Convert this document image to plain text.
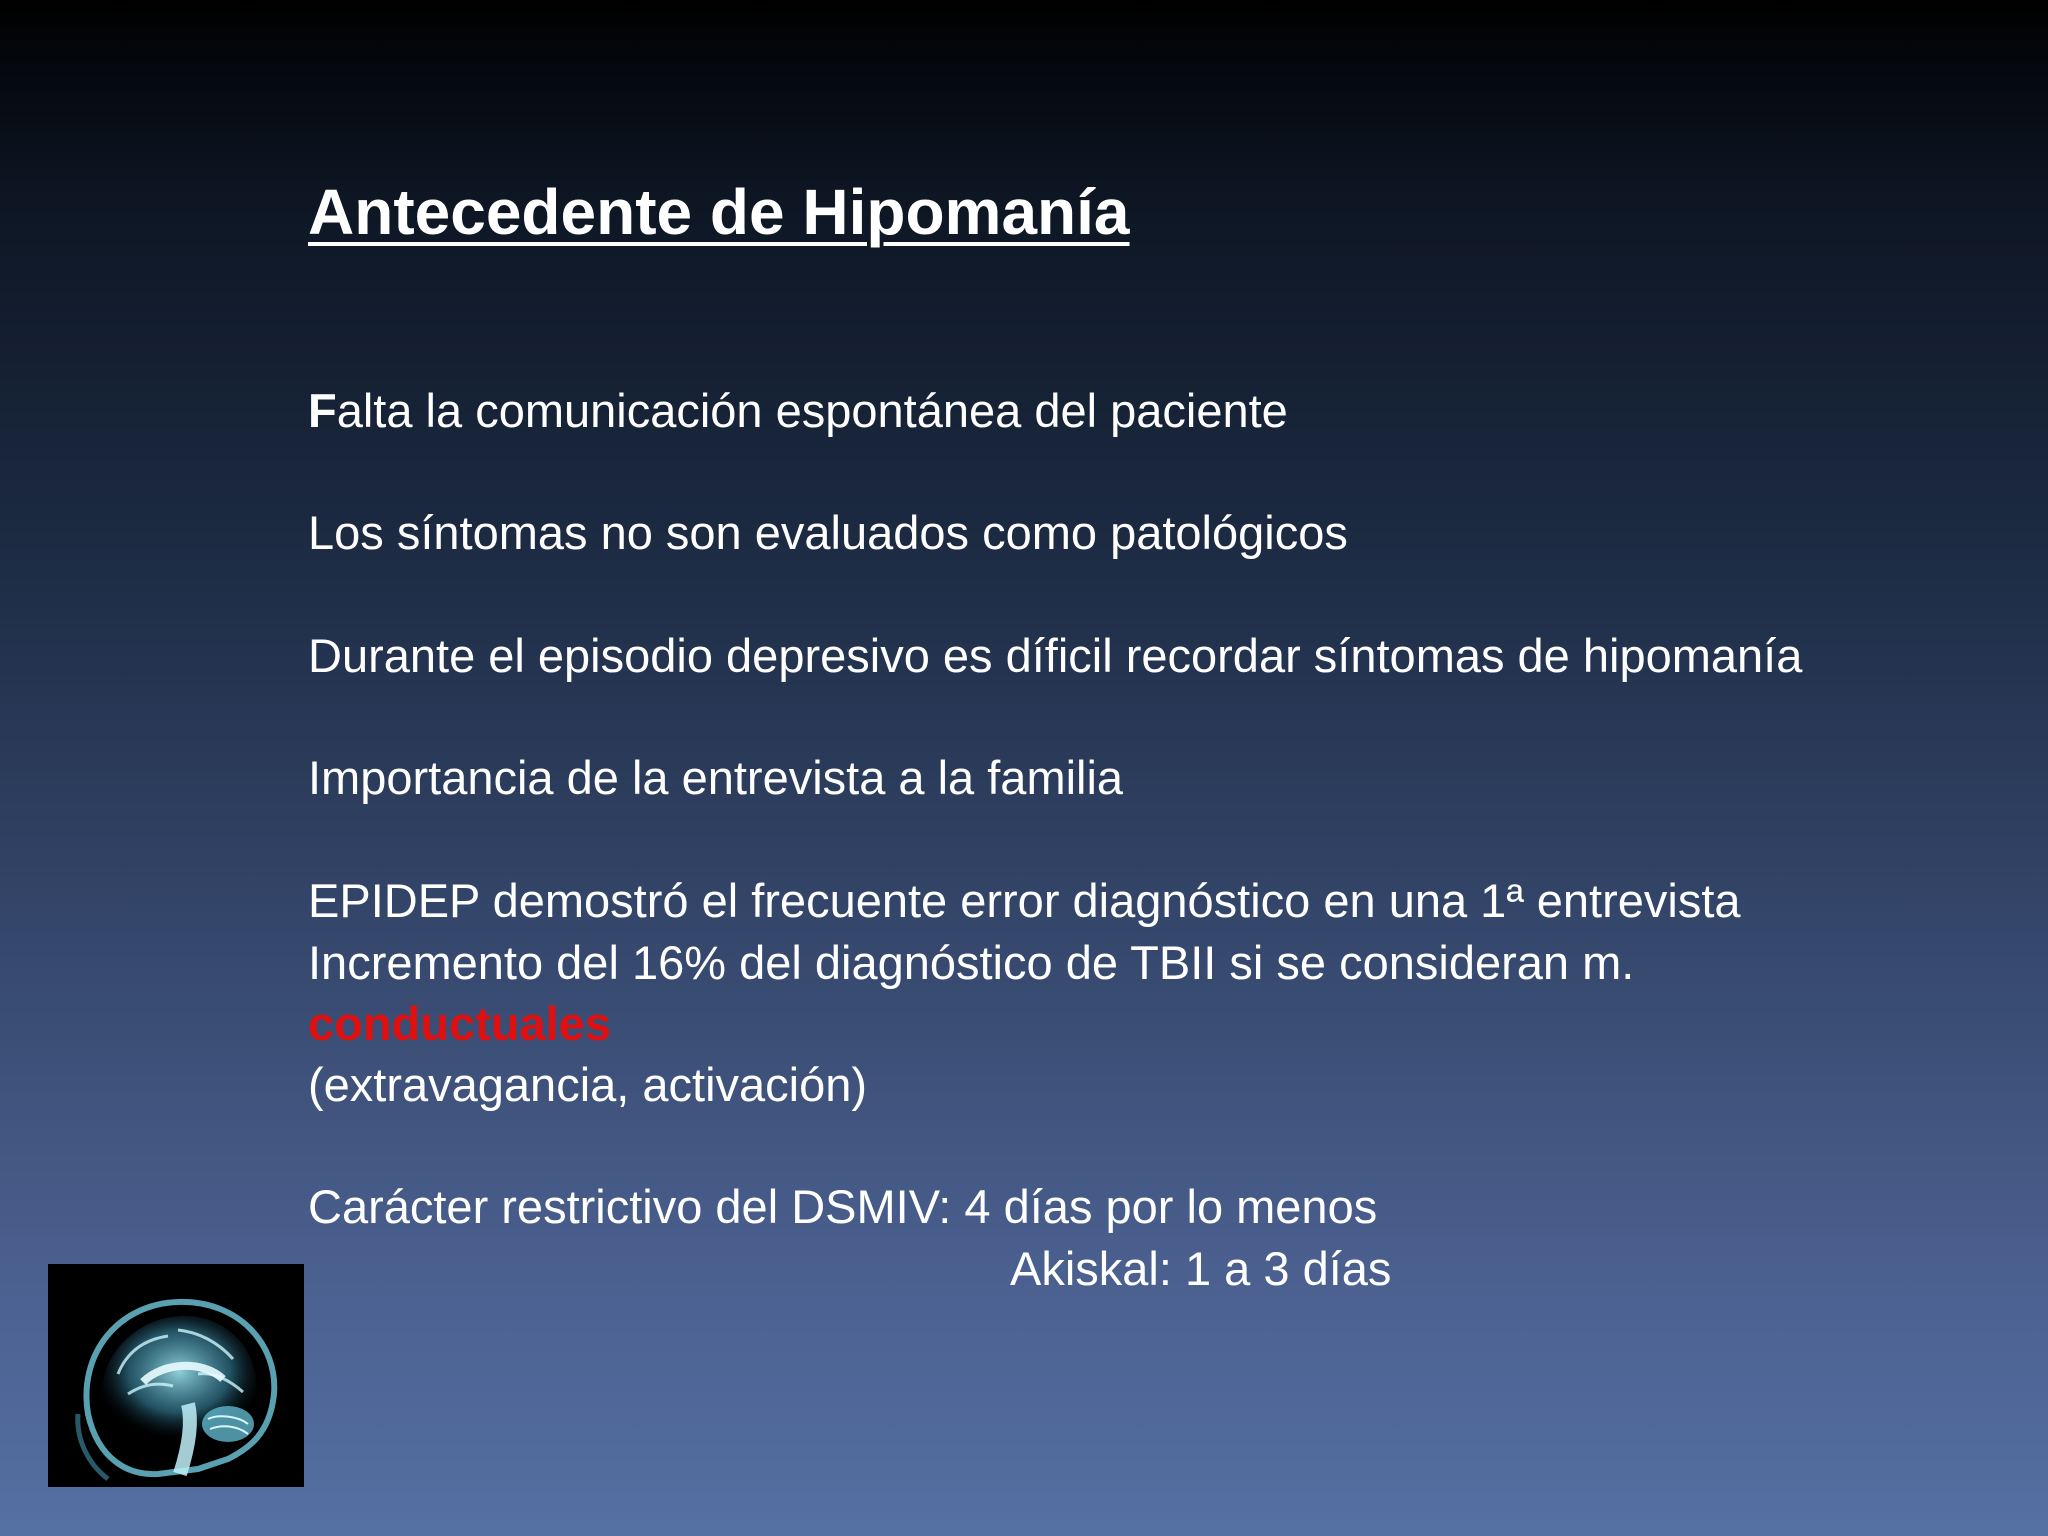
Antecedente de Hipomanía
Falta la comunicación espontánea del paciente
Los síntomas no son evaluados como patológicos
Durante el episodio depresivo es díficil recordar síntomas de hipomanía
Importancia de la entrevista a la familia
EPIDEP demostró el frecuente error diagnóstico en una 1ª entrevista
Incremento del 16% del diagnóstico de TBII si se consideran m.
conductuales
(extravagancia, activación)
Carácter restrictivo del DSMIV: 4 días por lo menos
Akiskal: 1 a 3 días
